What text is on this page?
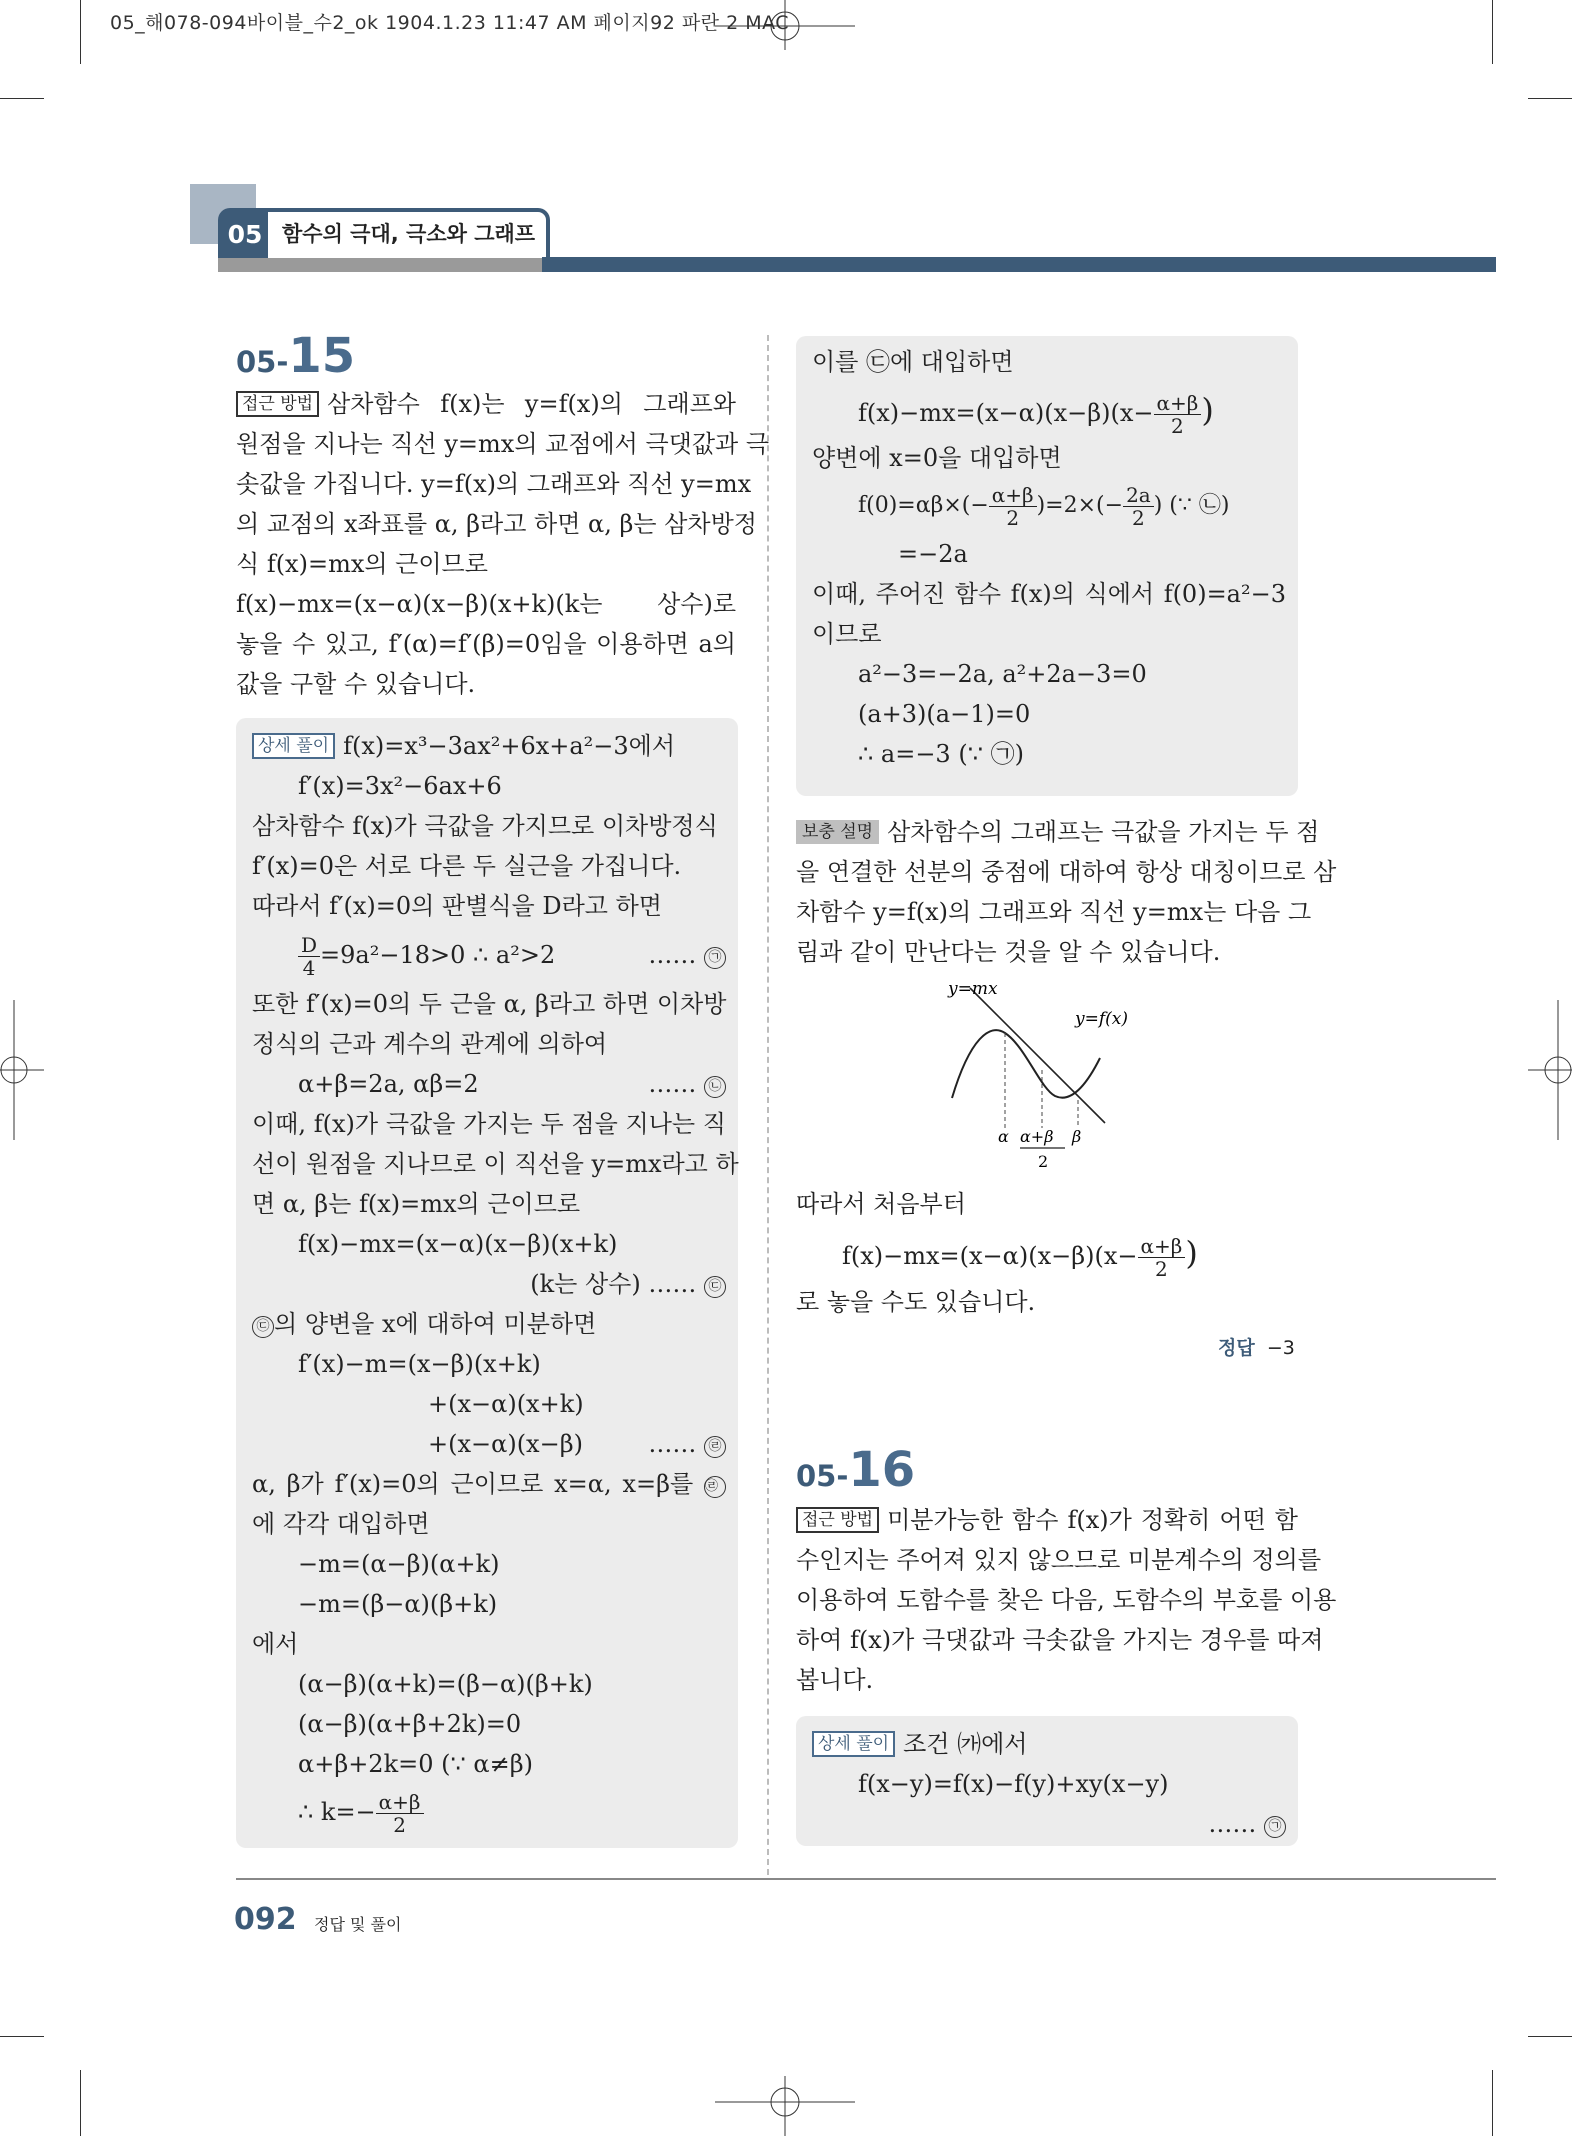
05_해078-094바이블_수2_ok 1904.1.23 11:47 AM 페이지92 파란 2 MAC
05 함수의 극대, 극소와 그래프
05-15
접근 방법 삼차함수 f(x)는 y=f(x)의 그래프와
원점을 지나는 직선 y=mx의 교점에서 극댓값과 극
솟값을 가집니다. y=f(x)의 그래프와 직선 y=mx
의 교점의 x좌표를 α, β라고 하면 α, β는 삼차방정
식 f(x)=mx의 근이므로
f(x)−mx=(x−α)(x−β)(x+k)(k는 상수)로
놓을 수 있고, f′(α)=f′(β)=0임을 이용하면 a의
값을 구할 수 있습니다.
상세 풀이 f(x)=x³−3ax²+6x+a²−3에서
f′(x)=3x²−6ax+6
삼차함수 f(x)가 극값을 가지므로 이차방정식
f′(x)=0은 서로 다른 두 실근을 가집니다.
따라서 f′(x)=0의 판별식을 D라고 하면
$\frac{D}{4} =9a^2-18>0$ ∴ a²>2	…… ㉠
또한 f′(x)=0의 두 근을 α, β라고 하면 이차방
정식의 근과 계수의 관계에 의하여
α+β=2a, αβ=2	…… ㉡
이때, f(x)가 극값을 가지는 두 점을 지나는 직
선이 원점을 지나므로 이 직선을 y=mx라고 하
면 α, β는 f(x)=mx의 근이므로
f(x)−mx=(x−α)(x−β)(x+k)
(k는 상수) …… ㉢
㉢ 의 양변을 x에 대하여 미분하면
f′(x)−m=(x−β)(x+k)
+(x−α)(x+k)
+(x−α)(x−β)	…… ㉣
α, β가 f′(x)=0의 근이므로 x=α, x=β를 ㉣
에 각각 대입하면
−m=(α−β)(α+k)
−m=(β−α)(β+k)
에서
(α−β)(α+k)=(β−α)(β+k)
(α−β)(α+β+2k)=0
α+β+2k=0 (∵ α≠β)
∴ $k=- \frac{\alpha+\beta}{2}$
이를 ㉢에 대입하면
$f(x)-mx=(x-\alpha)(x-\beta)(x- \frac{\alpha+\beta}{2}$ )
양변에 x=0을 대입하면
$f(0)=\alpha\beta\times(- \frac{\alpha+\beta}{2} )=2\times(- \frac{2a}{2}$ ) (∵ ㉡)
=−2a
이때, 주어진 함수 f(x)의 식에서 f(0)=a²−3
이므로
a²−3=−2a, a²+2a−3=0
(a+3)(a−1)=0
∴ a=−3 (∵ ㉠)
보충 설명 삼차함수의 그래프는 극값을 가지는 두 점
을 연결한 선분의 중점에 대하여 항상 대칭이므로 삼
차함수 y=f(x)의 그래프와 직선 y=mx는 다음 그
림과 같이 만난다는 것을 알 수 있습니다.
y=mx
y=f(x)
α α+β
2
β
따라서 처음부터
$f(x)-mx=(x-\alpha)(x-\beta)(x- \frac{\alpha+\beta}{2}$ )
로 놓을 수도 있습니다.
정답 −3
05-16
접근 방법 미분가능한 함수 f(x)가 정확히 어떤 함
수인지는 주어져 있지 않으므로 미분계수의 정의를
이용하여 도함수를 찾은 다음, 도함수의 부호를 이용
하여 f(x)가 극댓값과 극솟값을 가지는 경우를 따져
봅니다.
상세 풀이 조건 ㈎에서
f(x−y)=f(x)−f(y)+xy(x−y)
…… ㉠
092 정답 및 풀이
